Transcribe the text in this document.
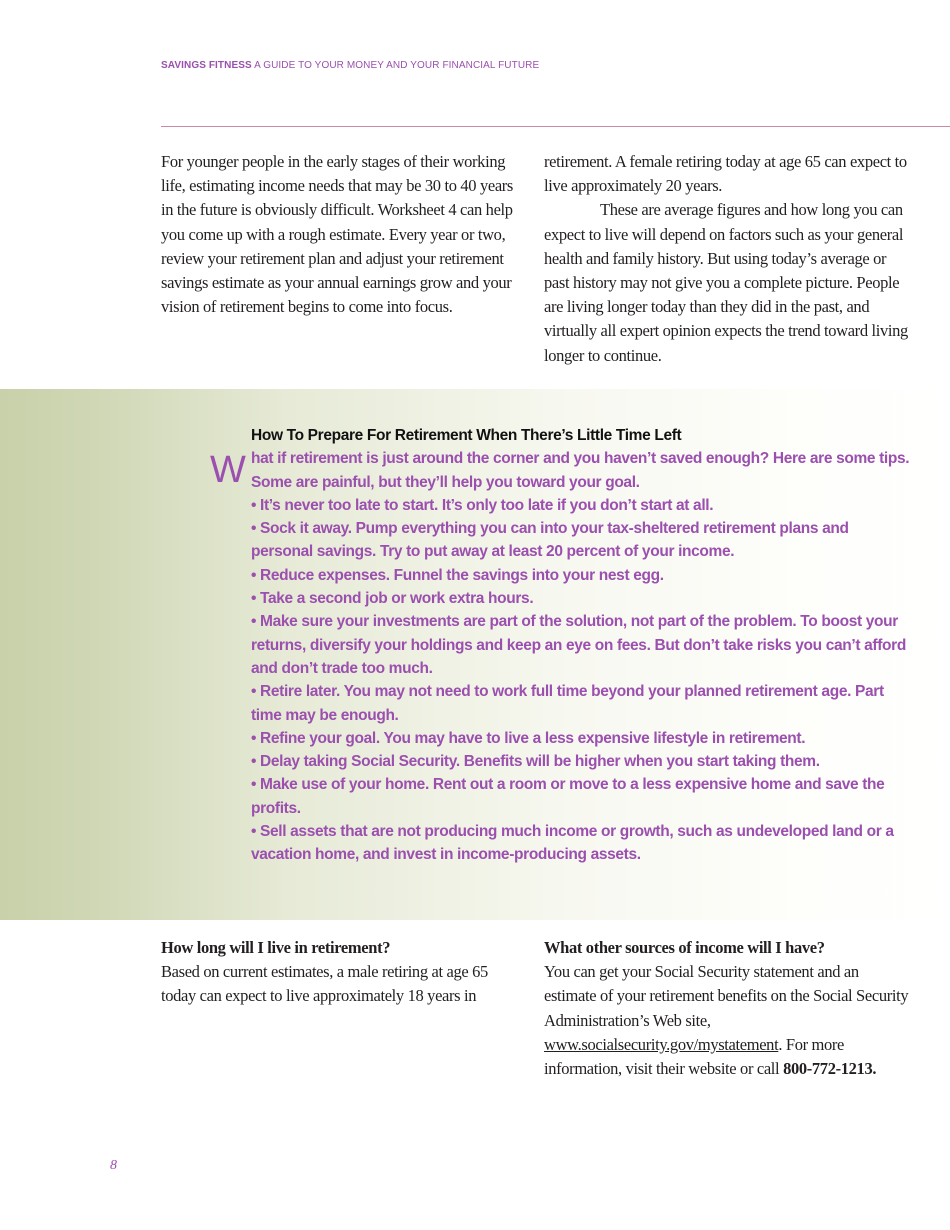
SAVINGS FITNESS A GUIDE TO YOUR MONEY AND YOUR FINANCIAL FUTURE

For younger people in the early stages of their working life, estimating income needs that may be 30 to 40 years in the future is obviously difficult. Worksheet 4 can help you come up with a rough estimate. Every year or two, review your retirement plan and adjust your retirement savings estimate as your annual earnings grow and your vision of retirement begins to come into focus.

retirement. A female retiring today at age 65 can expect to live approximately 20 years.

These are average figures and how long you can expect to live will depend on factors such as your general health and family history. But using today’s average or past history may not give you a complete picture. People are living longer today than they did in the past, and virtually all expert opinion expects the trend toward living longer to continue.

W

How To Prepare For Retirement When There’s Little Time Left

hat if retirement is just around the corner and you haven’t saved enough? Here are some tips. Some are painful, but they’ll help you toward your goal.

• It’s never too late to start. It’s only too late if you don’t start at all.

• Sock it away. Pump everything you can into your tax-sheltered retirement plans and personal savings. Try to put away at least 20 percent of your income.

• Reduce expenses. Funnel the savings into your nest egg.

• Take a second job or work extra hours.

• Make sure your investments are part of the solution, not part of the problem. To boost your returns, diversify your holdings and keep an eye on fees. But don’t take risks you can’t afford and don’t trade too much.

• Retire later. You may not need to work full time beyond your planned retirement age. Part time may be enough.

• Refine your goal. You may have to live a less expensive lifestyle in retirement.

• Delay taking Social Security. Benefits will be higher when you start taking them.

• Make use of your home. Rent out a room or move to a less expensive home and save the profits.

• Sell assets that are not producing much income or growth, such as undeveloped land or a vacation home, and invest in income-producing assets.

How long will I live in retirement?

Based on current estimates, a male retiring at age 65 today can expect to live approximately 18 years in

What other sources of income will I have?

You can get your Social Security statement and an estimate of your retirement benefits on the Social Security Administration’s Web site, www.socialsecurity.gov/mystatement. For more information, visit their website or call 800-772-1213.

8
